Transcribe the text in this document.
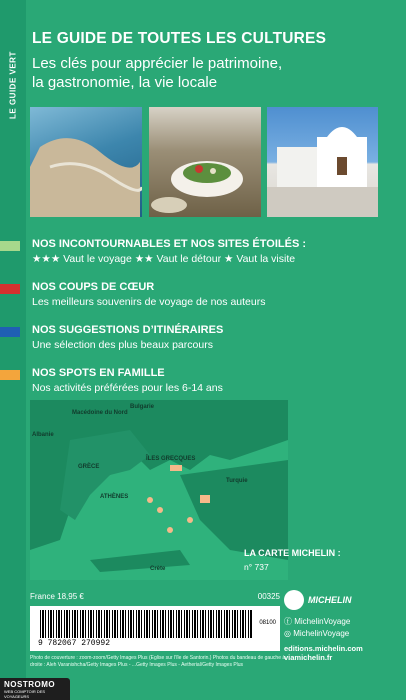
LE GUIDE VERT
LE GUIDE DE TOUTES LES CULTURES
Les clés pour apprécier le patrimoine,
la gastronomie, la vie locale
NOS INCONTOURNABLES ET NOS SITES ÉTOILÉS :
★★★ Vaut le voyage ★★ Vaut le détour ★ Vaut la visite
NOS COUPS DE CŒUR
Les meilleurs souvenirs de voyage de nos auteurs
NOS SUGGESTIONS D’ITINÉRAIRES
Une sélection des plus beaux parcours
NOS SPOTS EN FAMILLE
Nos activités préférées pour les 6-14 ans
Macédoine du Nord
Bulgarie
Albanie
GRÈCE
ÎLES GRECQUES
Turquie
ATHÈNES
Crète
LA CARTE MICHELIN :
n° 737
France 18,95 €	00325
08100
9 782067 270992
Photo de couverture : zoom-zoom/Getty Images Plus (Eglise sur l’île de Santorin.) Photos du bandeau de gauche à droite : Aleh Varanishcha/Getty Images Plus - ...Getty Images Plus - Aetherial/Getty Images Plus
MICHELIN
ⓕ MichelinVoyage
◎ MichelinVoyage
editions.michelin.com
viamichelin.fr
NOSTROMO
WEB COMPTOIR DES VOYAGEURS
